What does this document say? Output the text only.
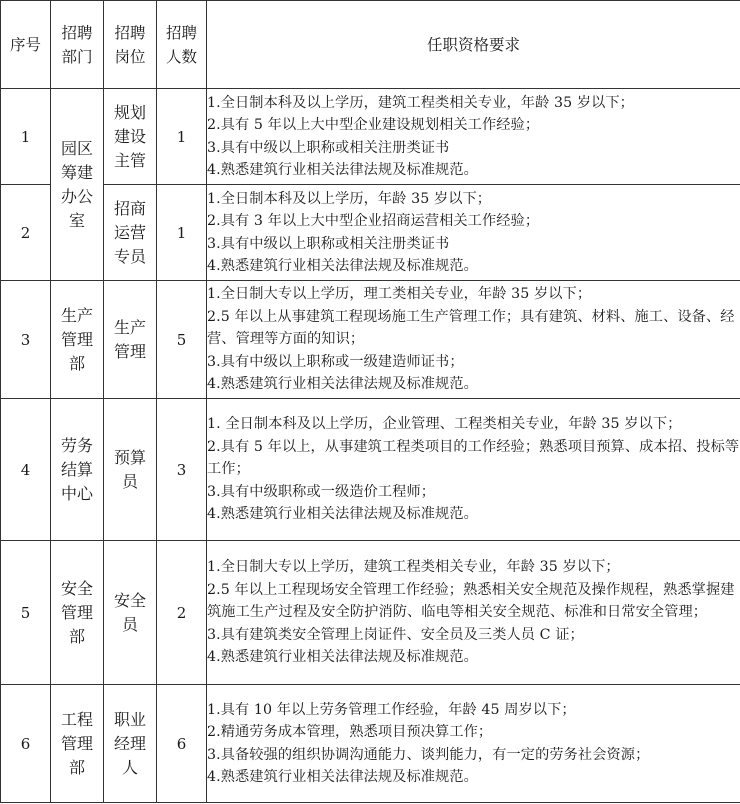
序号	招聘部门	招聘岗位	招聘人数	任职资格要求
1	园区筹建办公室	规划建设主管	1	1.全日制本科及以上学历，建筑工程类相关专业，年龄 35 岁以下；
2.具有 5 年以上大中型企业建设规划相关工作经验；
3.具有中级以上职称或相关注册类证书
4.熟悉建筑行业相关法律法规及标准规范。

2		招商运营专员	1	1.全日制本科及以上学历，年龄 35 岁以下；
2.具有 3 年以上大中型企业招商运营相关工作经验；
3.具有中级以上职称或相关注册类证书
4.熟悉建筑行业相关法律法规及标准规范。

3	生产管理部	生产管理	5	1.全日制大专以上学历，理工类相关专业，年龄 35 岁以下；
2.5 年以上从事建筑工程现场施工生产管理工作；具有建筑、材料、施工、设备、经营、管理等方面的知识；
3.具有中级以上职称或一级建造师证书；
4.熟悉建筑行业相关法律法规及标准规范。

4	劳务结算中心	预算员	3	1. 全日制本科及以上学历，企业管理、工程类相关专业，年龄 35 岁以下；
2.具有 5 年以上，从事建筑工程类项目的工作经验；熟悉项目预算、成本招、投标等工作；
3.具有中级职称或一级造价工程师；
4.熟悉建筑行业相关法律法规及标准规范。

5	安全管理部	安全员	2	1.全日制大专以上学历，建筑工程类相关专业，年龄 35 岁以下；
2.5 年以上工程现场安全管理工作经验；熟悉相关安全规范及操作规程，熟悉掌握建筑施工生产过程及安全防护消防、临电等相关安全规范、标准和日常安全管理；
3.具有建筑类安全管理上岗证件、安全员及三类人员 C 证；
4.熟悉建筑行业相关法律法规及标准规范。

6	工程管理部	职业经理人	6	1.具有 10 年以上劳务管理工作经验，年龄 45 周岁以下；
2.精通劳务成本管理，熟悉项目预决算工作；
3.具备较强的组织协调沟通能力、谈判能力，有一定的劳务社会资源；
4.熟悉建筑行业相关法律法规及标准规范。
